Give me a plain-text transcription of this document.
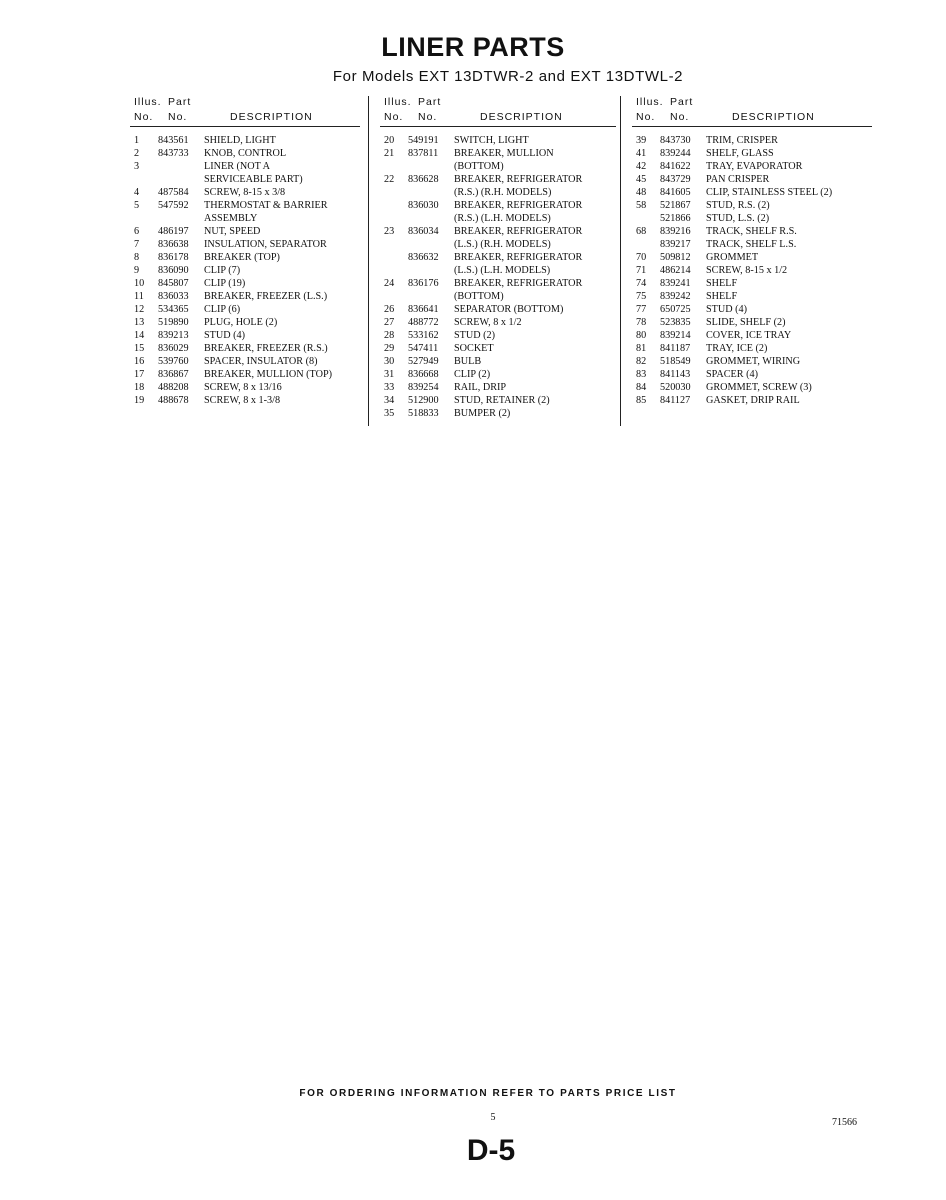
LINER PARTS
For Models EXT 13DTWR-2 and EXT 13DTWL-2
Illus. Part
No. No.	DESCRIPTION
1	843561	SHIELD, LIGHT
2	843733	KNOB, CONTROL
3	LINER (NOT A
SERVICEABLE PART)
4	487584	SCREW, 8-15 x 3/8
5	547592	THERMOSTAT & BARRIER
ASSEMBLY
6	486197	NUT, SPEED
7	836638	INSULATION, SEPARATOR
8	836178	BREAKER (TOP)
9	836090	CLIP (7)
10	845807	CLIP (19)
11	836033	BREAKER, FREEZER (L.S.)
12	534365	CLIP (6)
13	519890	PLUG, HOLE (2)
14	839213	STUD (4)
15	836029	BREAKER, FREEZER (R.S.)
16	539760	SPACER, INSULATOR (8)
17	836867	BREAKER, MULLION (TOP)
18	488208	SCREW, 8 x 13/16
19	488678	SCREW, 8 x 1-3/8
Illus. Part
No. No.	DESCRIPTION
20	549191	SWITCH, LIGHT
21	837811	BREAKER, MULLION
(BOTTOM)
22	836628	BREAKER, REFRIGERATOR
(R.S.) (R.H. MODELS)
836030	BREAKER, REFRIGERATOR
(R.S.) (L.H. MODELS)
23	836034	BREAKER, REFRIGERATOR
(L.S.) (R.H. MODELS)
836632	BREAKER, REFRIGERATOR
(L.S.) (L.H. MODELS)
24	836176	BREAKER, REFRIGERATOR
(BOTTOM)
26	836641	SEPARATOR (BOTTOM)
27	488772	SCREW, 8 x 1/2
28	533162	STUD (2)
29	547411	SOCKET
30	527949	BULB
31	836668	CLIP (2)
33	839254	RAIL, DRIP
34	512900	STUD, RETAINER (2)
35	518833	BUMPER (2)
Illus. Part
No. No.	DESCRIPTION
39	843730	TRIM, CRISPER
41	839244	SHELF, GLASS
42	841622	TRAY, EVAPORATOR
45	843729	PAN CRISPER
48	841605	CLIP, STAINLESS STEEL (2)
58	521867	STUD, R.S. (2)
521866	STUD, L.S. (2)
68	839216	TRACK, SHELF R.S.
839217	TRACK, SHELF L.S.
70	509812	GROMMET
71	486214	SCREW, 8-15 x 1/2
74	839241	SHELF
75	839242	SHELF
77	650725	STUD (4)
78	523835	SLIDE, SHELF (2)
80	839214	COVER, ICE TRAY
81	841187	TRAY, ICE (2)
82	518549	GROMMET, WIRING
83	841143	SPACER (4)
84	520030	GROMMET, SCREW (3)
85	841127	GASKET, DRIP RAIL
FOR ORDERING INFORMATION REFER TO PARTS PRICE LIST
5	71566
D-5
